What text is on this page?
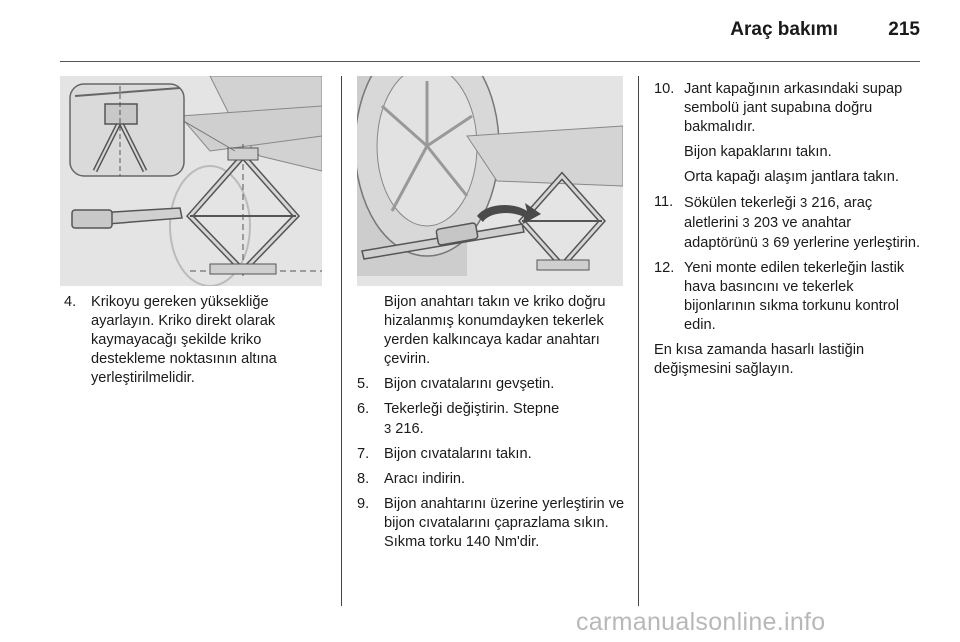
Araç bakımı	215
4. Krikoyu gereken yüksekliğe ayarlayın. Kriko direkt olarak kaymayacağı şekilde kriko destekleme noktasının altına yerleştirilmelidir.
Bijon anahtarı takın ve kriko doğru hizalanmış konumdayken tekerlek yerden kalkıncaya kadar anahtarı çevirin.
5. Bijon cıvatalarını gevşetin.
6. Tekerleği değiştirin. Stepne
3 216.
7. Bijon cıvatalarını takın.
8. Aracı indirin.
9. Bijon anahtarını üzerine yerleştirin ve bijon cıvatalarını çaprazlama sıkın. Sıkma torku 140 Nm'dir.
10. Jant kapağının arkasındaki supap sembolü jant supabına doğru bakmalıdır.
Bijon kapaklarını takın.
Orta kapağı alaşım jantlara takın.
11. Sökülen tekerleği 3 216, araç aletlerini 3 203 ve anahtar adaptörünü 3 69 yerlerine yerleştirin.
12. Yeni monte edilen tekerleğin lastik hava basıncını ve tekerlek bijonlarının sıkma torkunu kontrol edin.
En kısa zamanda hasarlı lastiğin değişmesini sağlayın.
carmanualsonline.info
